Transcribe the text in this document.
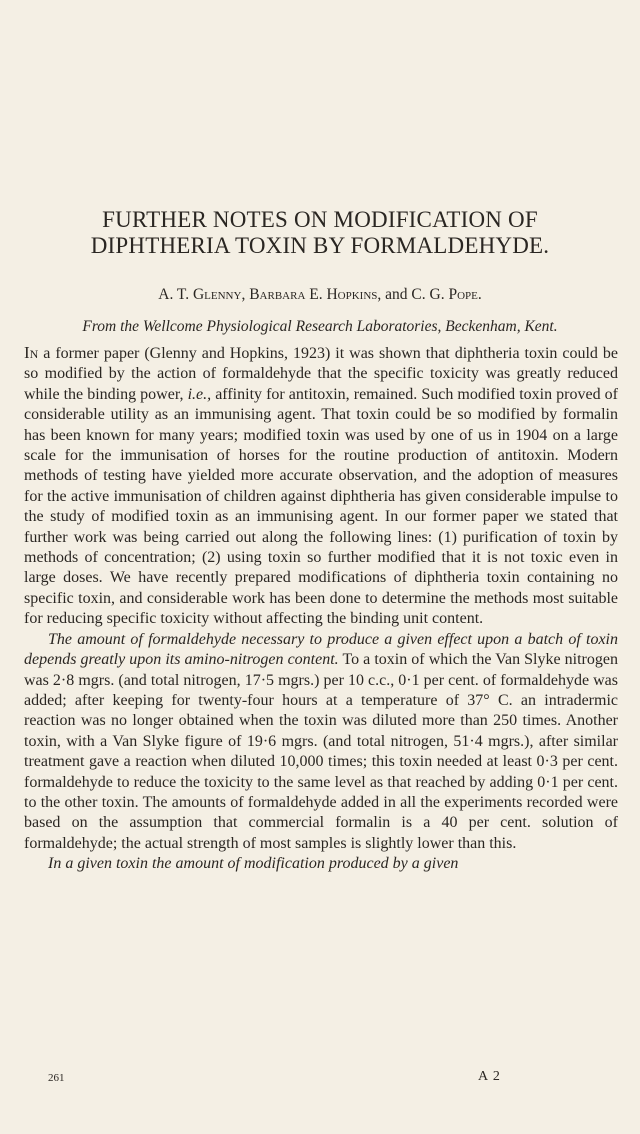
FURTHER NOTES ON MODIFICATION OF
DIPHTHERIA TOXIN BY FORMALDEHYDE.
A. T. Glenny, Barbara E. Hopkins, and C. G. Pope.
From the Wellcome Physiological Research Laboratories, Beckenham, Kent.

In a former paper (Glenny and Hopkins, 1923) it was shown that diphtheria toxin could be so modified by the action of formaldehyde that the specific toxicity was greatly reduced while the binding power, i.e., affinity for antitoxin, remained. Such modified toxin proved of considerable utility as an immunising agent. That toxin could be so modified by formalin has been known for many years; modified toxin was used by one of us in 1904 on a large scale for the immunisation of horses for the routine production of antitoxin. Modern methods of testing have yielded more accurate observation, and the adoption of measures for the active immunisation of children against diphtheria has given considerable impulse to the study of modified toxin as an immunising agent. In our former paper we stated that further work was being carried out along the following lines: (1) purification of toxin by methods of concentration; (2) using toxin so further modified that it is not toxic even in large doses. We have recently prepared modifications of diphtheria toxin containing no specific toxin, and considerable work has been done to determine the methods most suitable for reducing specific toxicity without affecting the binding unit content.

The amount of formaldehyde necessary to produce a given effect upon a batch of toxin depends greatly upon its amino-nitrogen content. To a toxin of which the Van Slyke nitrogen was 2·8 mgrs. (and total nitrogen, 17·5 mgrs.) per 10 c.c., 0·1 per cent. of formaldehyde was added; after keeping for twenty-four hours at a temperature of 37° C. an intradermic reaction was no longer obtained when the toxin was diluted more than 250 times. Another toxin, with a Van Slyke figure of 19·6 mgrs. (and total nitrogen, 51·4 mgrs.), after similar treatment gave a reaction when diluted 10,000 times; this toxin needed at least 0·3 per cent. formaldehyde to reduce the toxicity to the same level as that reached by adding 0·1 per cent. to the other toxin. The amounts of formaldehyde added in all the experiments recorded were based on the assumption that commercial formalin is a 40 per cent. solution of formaldehyde; the actual strength of most samples is slightly lower than this.

In a given toxin the amount of modification produced by a given

261	A 2
